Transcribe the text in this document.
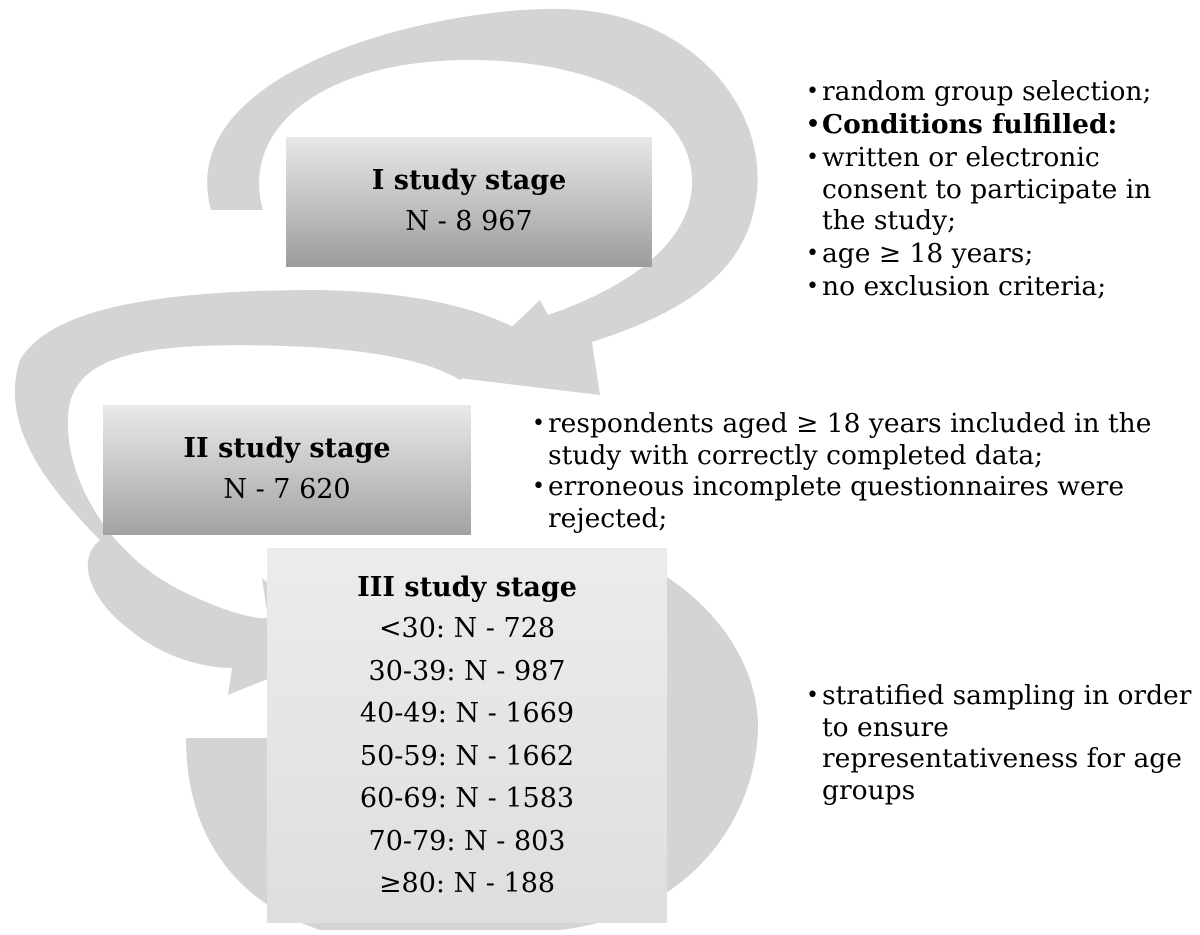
I study stage
N - 8 967
II study stage
N - 7 620
III study stage
<30: N - 728
30-39: N - 987
40-49: N - 1669
50-59: N - 1662
60-69: N - 1583
70-79: N - 803
≥80: N - 188
• random group selection;
• Conditions fulfilled:
• written or electronic consent to participate in the study;
• age ≥ 18 years;
• no exclusion criteria;
• respondents aged ≥ 18 years included in the study with correctly completed data;
• erroneous incomplete questionnaires were rejected;
• stratified sampling in order to ensure representativeness for age groups
